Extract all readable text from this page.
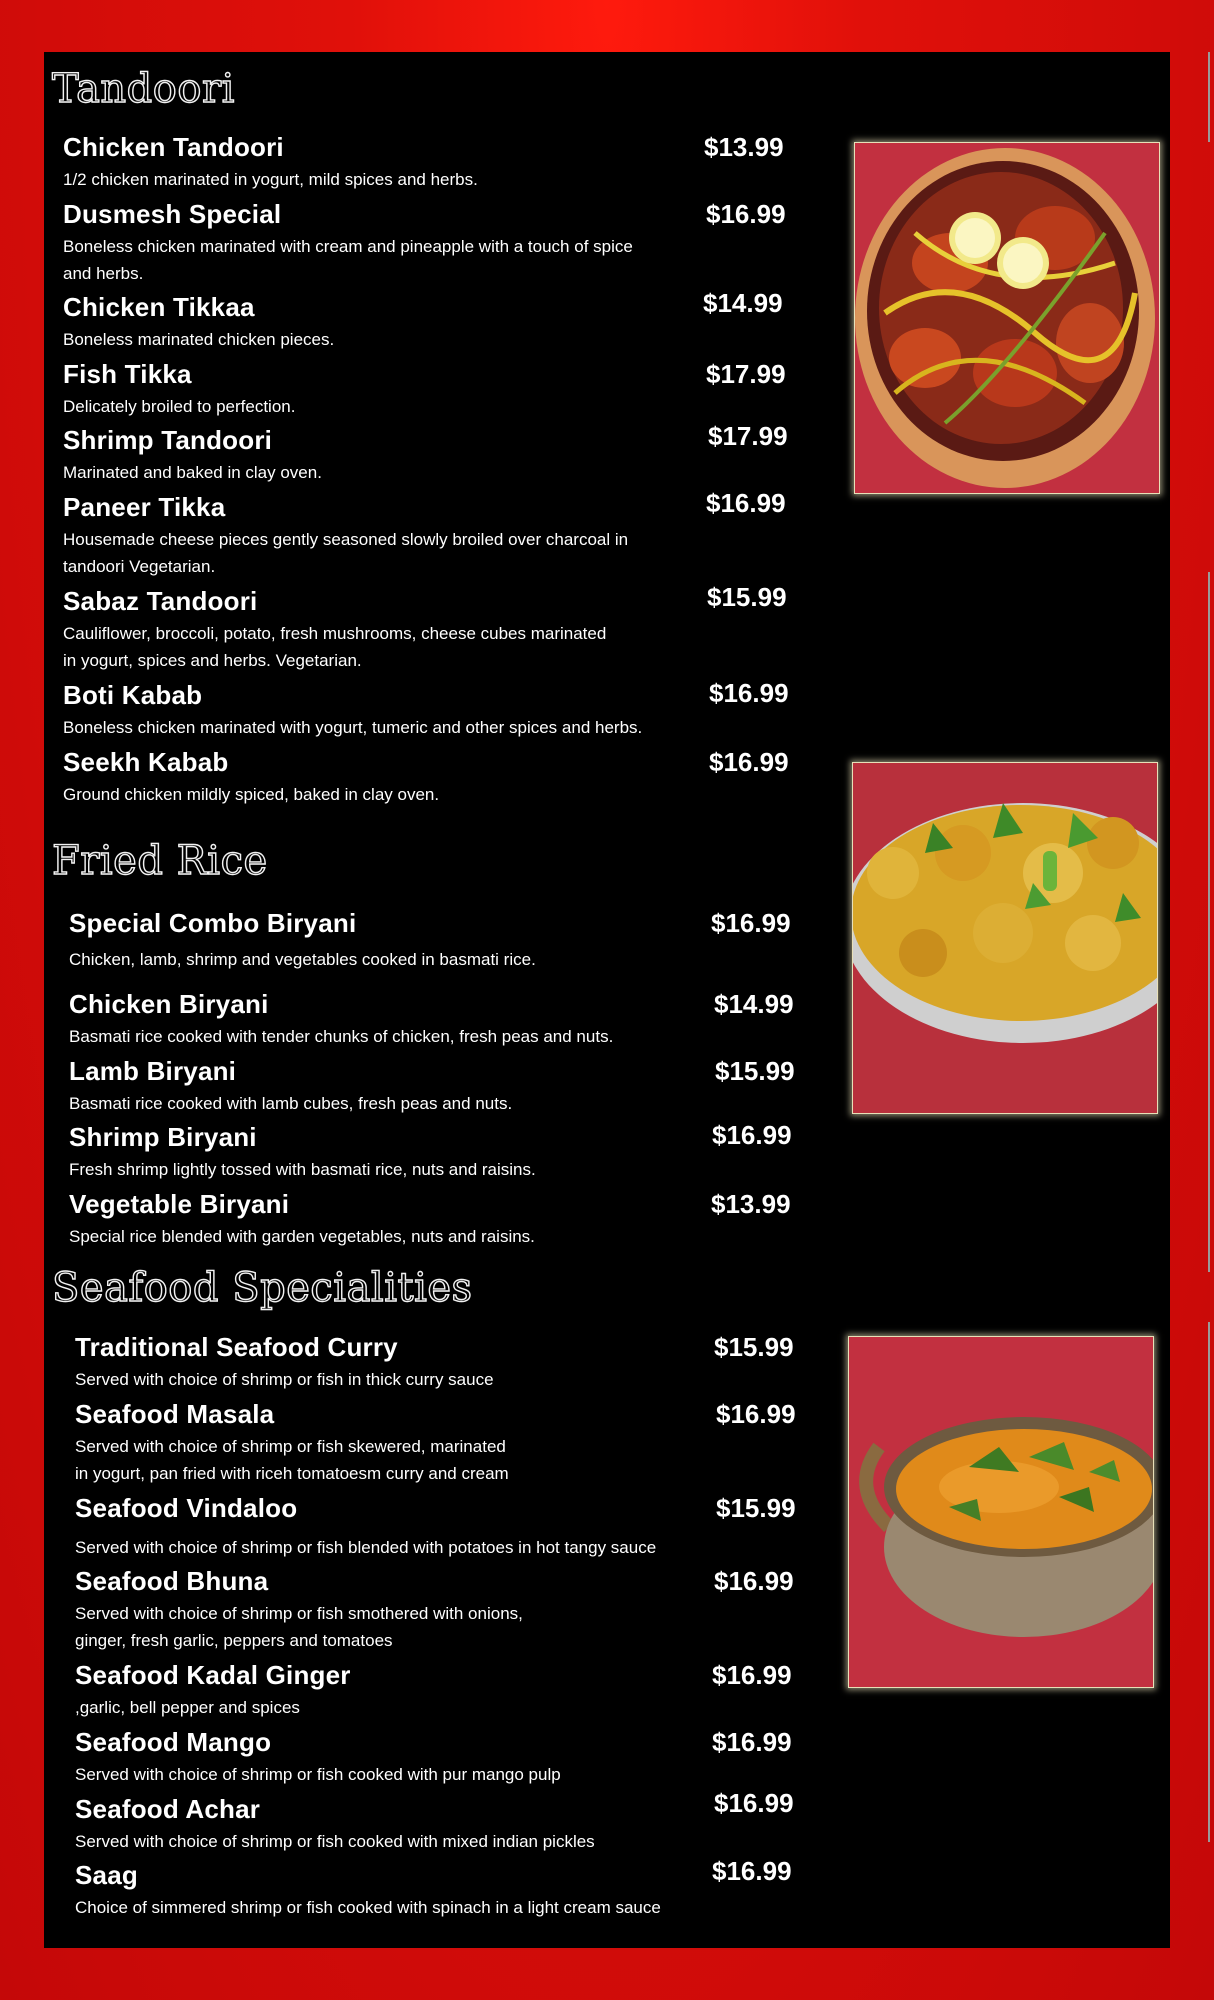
Tandoori
Chicken Tandoori
1/2 chicken marinated in yogurt, mild spices and herbs.
$13.99
Dusmesh Special
Boneless chicken marinated with cream and pineapple with a touch of spice
and herbs.
$16.99
Chicken Tikkaa
Boneless marinated chicken pieces.
$14.99
Fish Tikka
Delicately broiled to perfection.
$17.99
Shrimp Tandoori
Marinated and baked in clay oven.
$17.99
Paneer Tikka
Housemade cheese pieces gently seasoned slowly broiled over charcoal in
tandoori Vegetarian.
$16.99
Sabaz Tandoori
Cauliflower, broccoli, potato, fresh mushrooms, cheese cubes marinated
in yogurt, spices and herbs. Vegetarian.
$15.99
Boti Kabab
Boneless chicken marinated with yogurt, tumeric and other spices and herbs.
$16.99
Seekh Kabab
Ground chicken mildly spiced, baked in clay oven.
$16.99
Fried Rice
Special Combo Biryani
Chicken, lamb, shrimp and vegetables cooked in basmati rice.
$16.99
Chicken Biryani
Basmati rice cooked with tender chunks of chicken, fresh peas and nuts.
$14.99
Lamb Biryani
Basmati rice cooked with lamb cubes, fresh peas and nuts.
$15.99
Shrimp Biryani
Fresh shrimp lightly tossed with basmati rice, nuts and raisins.
$16.99
Vegetable Biryani
Special rice blended with garden vegetables, nuts and raisins.
$13.99
Seafood Specialities
Traditional Seafood Curry
Served with choice of shrimp or fish in thick curry sauce
$15.99
Seafood Masala
Served with choice of shrimp or fish skewered, marinated
in yogurt, pan fried with riceh tomatoesm curry and cream
$16.99
Seafood Vindaloo
Served with choice of shrimp or fish blended with potatoes in hot tangy sauce
$15.99
Seafood Bhuna
Served with choice of shrimp or fish smothered with onions,
ginger, fresh garlic, peppers and tomatoes
$16.99
Seafood Kadal Ginger
,garlic, bell pepper and spices
$16.99
Seafood Mango
Served with choice of shrimp or fish cooked with pur mango pulp
$16.99
Seafood Achar
Served with choice of shrimp or fish cooked with mixed indian pickles
$16.99
Saag
Choice of simmered shrimp or fish cooked with spinach in a light cream sauce
$16.99
